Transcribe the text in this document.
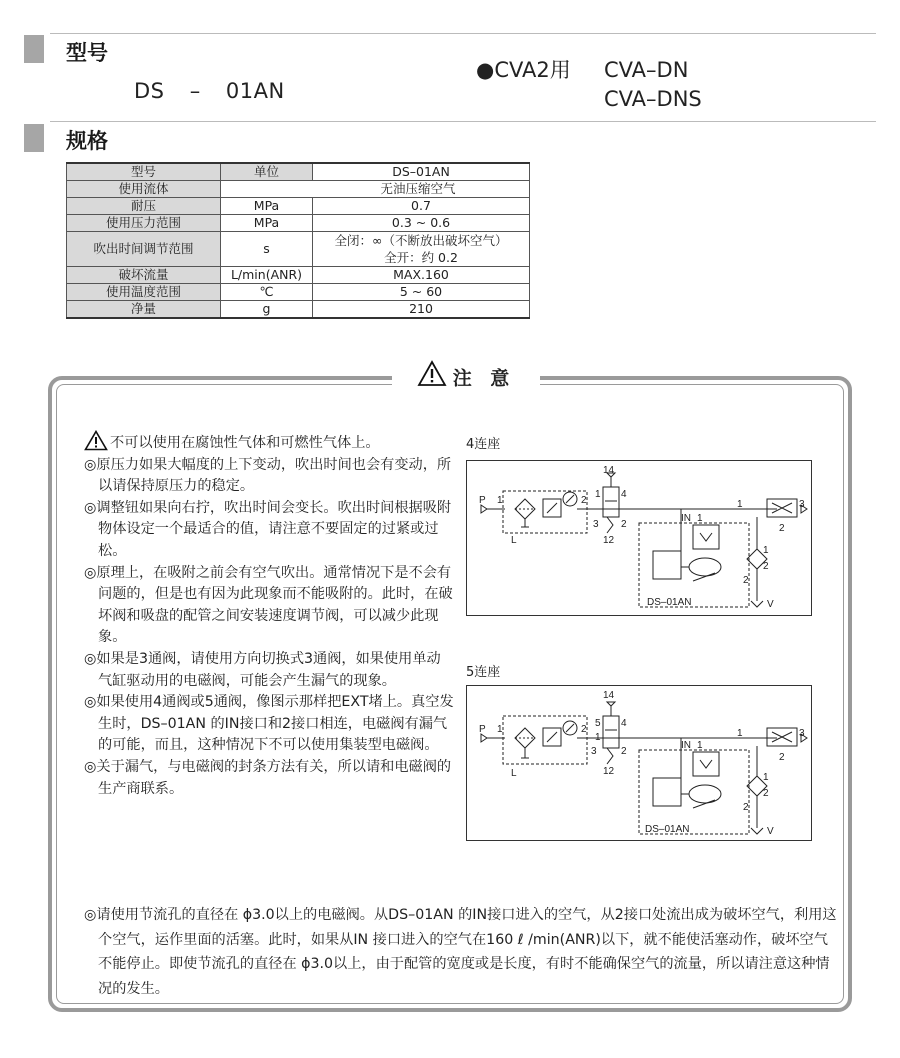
型号
DS – 01AN
●CVA2用 CVA–DN
CVA–DNS
规格
型号	单位	DS–01AN
使用流体	无油压缩空气	
耐压	MPa	0.7
使用压力范围	MPa	0.3 ~ 0.6
吹出时间调节范围	s	全闭：∞（不断放出破坏空气）
全开：约 0.2

破坏流量	L/min(ANR)	MAX.160
使用温度范围	℃	5 ~ 60
净量	g	210
注 意

不可以使用在腐蚀性气体和可燃性气体上。

◎原压力如果大幅度的上下变动，吹出时间也会有变动，所以请保持原压力的稳定。

◎调整钮如果向右拧，吹出时间会变长。吹出时间根据吸附物体设定一个最适合的值，请注意不要固定的过紧或过松。

◎原理上，在吸附之前会有空气吹出。通常情况下是不会有问题的，但是也有因为此现象而不能吸附的。此时，在破坏阀和吸盘的配管之间安装速度调节阀，可以减少此现象。

◎如果是3通阀，请使用方向切换式3通阀，如果使用单动气缸驱动用的电磁阀，可能会产生漏气的现象。

◎如果使用4通阀或5通阀，像图示那样把EXT堵上。真空发生时，DS–01AN 的IN接口和2接口相连，电磁阀有漏气的可能，而且，这种情况下不可以使用集装型电磁阀。

◎关于漏气，与电磁阀的封条方法有关，所以请和电磁阀的生产商联系。

◎请使用节流孔的直径在 ϕ3.0以上的电磁阀。从DS–01AN 的IN接口进入的空气，从2接口处流出成为破坏空气，利用这个空气，运作里面的活塞。此时，如果从IN 接口进入的空气在160 ℓ /min(ANR)以下，就不能使活塞动作，破坏空气不能停止。即使节流孔的直径在 ϕ3.0以上，由于配管的宽度或是长度，有时不能确保空气的流量，所以请注意这种情况的发生。
4连座
P 1	2
L
14
12
4
1
3 2
IN 1
1	3
2
2
1
2
DS–01AN	V
5连座
P 1	2
L
14
12
5
1
4
3 2
IN 1
1	3
2
2
1
2
DS–01AN	V
